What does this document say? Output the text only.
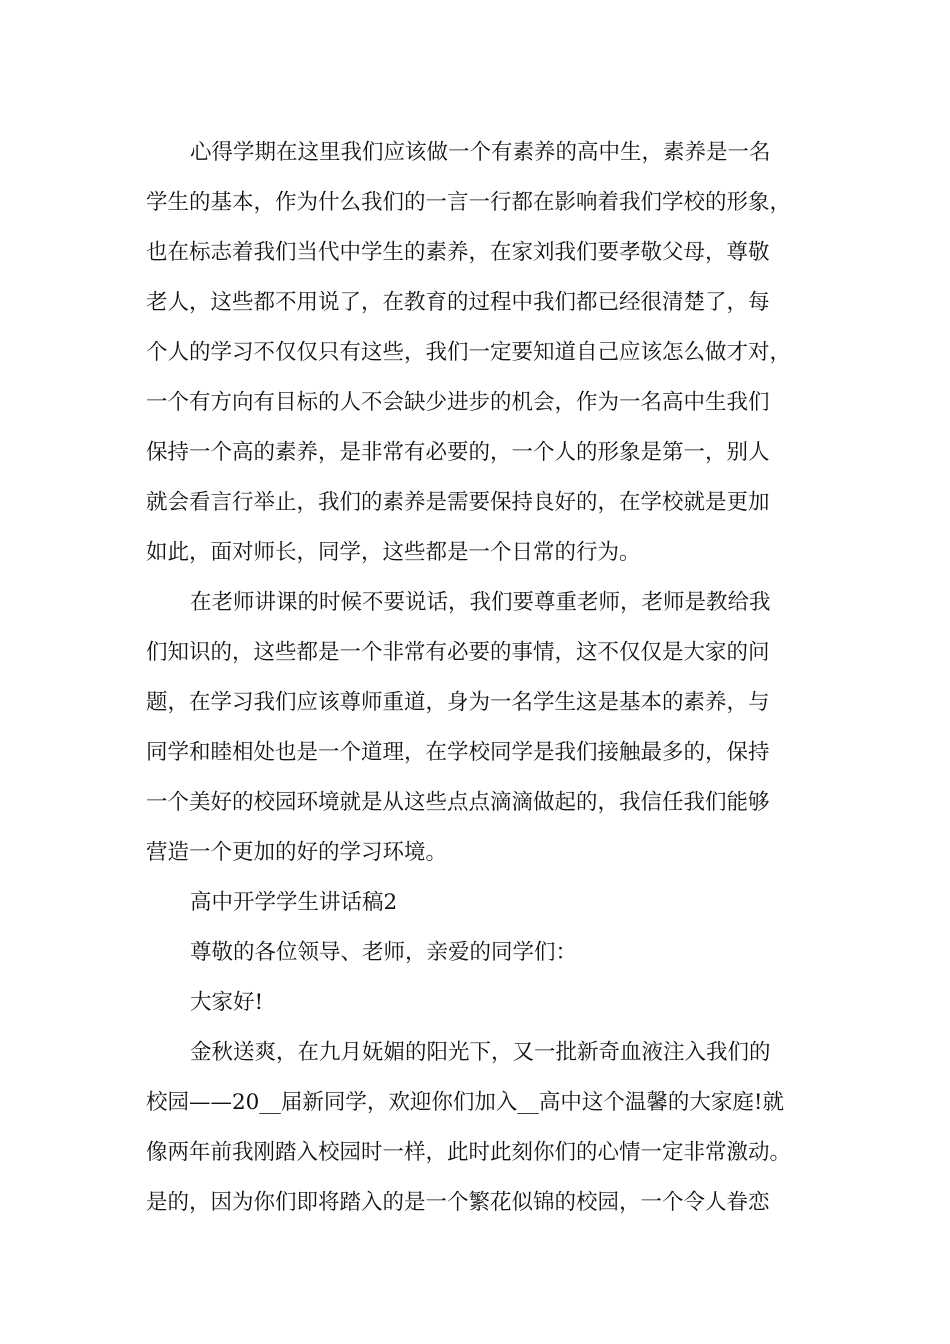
心得学期在这里我们应该做一个有素养的高中生，素养是一名
学生的基本，作为什么我们的一言一行都在影响着我们学校的形象，
也在标志着我们当代中学生的素养，在家刘我们要孝敬父母，尊敬
老人，这些都不用说了，在教育的过程中我们都已经很清楚了，每
个人的学习不仅仅只有这些，我们一定要知道自己应该怎么做才对，
一个有方向有目标的人不会缺少进步的机会，作为一名高中生我们
保持一个高的素养，是非常有必要的，一个人的形象是第一，别人
就会看言行举止，我们的素养是需要保持良好的，在学校就是更加
如此，面对师长，同学，这些都是一个日常的行为。
在老师讲课的时候不要说话，我们要尊重老师，老师是教给我
们知识的，这些都是一个非常有必要的事情，这不仅仅是大家的问
题，在学习我们应该尊师重道，身为一名学生这是基本的素养，与
同学和睦相处也是一个道理，在学校同学是我们接触最多的，保持
一个美好的校园环境就是从这些点点滴滴做起的，我信任我们能够
营造一个更加的好的学习环境。
高中开学学生讲话稿2
尊敬的各位领导、老师，亲爱的同学们：
大家好!
金秋送爽，在九月妩媚的阳光下，又一批新奇血液注入我们的
校园——20__届新同学，欢迎你们加入__高中这个温馨的大家庭!就
像两年前我刚踏入校园时一样，此时此刻你们的心情一定非常激动。
是的，因为你们即将踏入的是一个繁花似锦的校园，一个令人眷恋
